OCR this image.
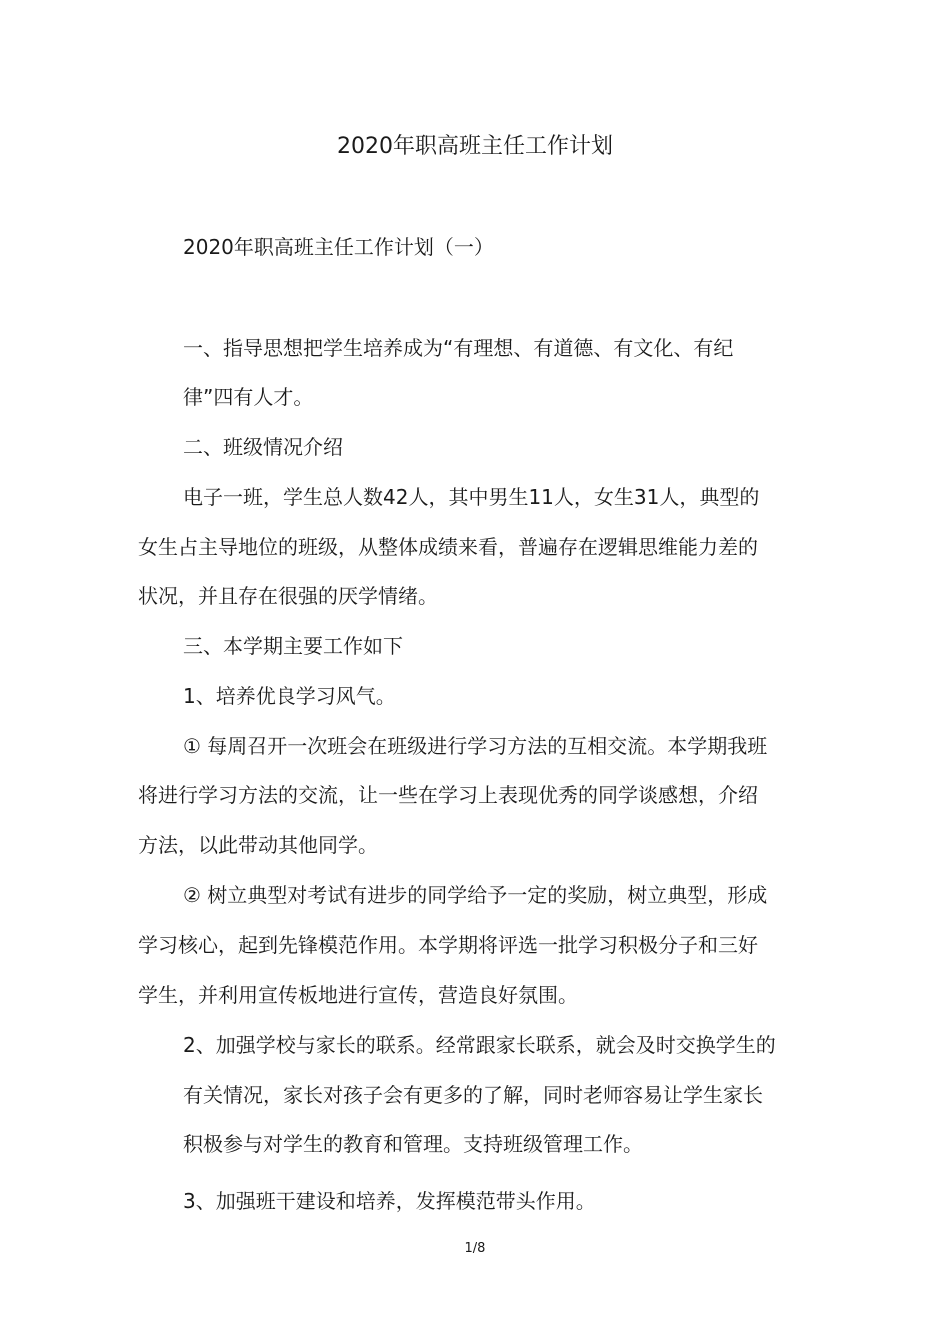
2020年职高班主任工作计划
2020年职高班主任工作计划（一）
一、指导思想把学生培养成为“有理想、有道德、有文化、有纪
律”四有人才。
二、班级情况介绍
电子一班，学生总人数42人，其中男生11人，女生31人，典型的
女生占主导地位的班级，从整体成绩来看，普遍存在逻辑思维能力差的
状况，并且存在很强的厌学情绪。
三、本学期主要工作如下
1、培养优良学习风气。
① 每周召开一次班会在班级进行学习方法的互相交流。本学期我班
将进行学习方法的交流，让一些在学习上表现优秀的同学谈感想，介绍
方法，以此带动其他同学。
② 树立典型对考试有进步的同学给予一定的奖励，树立典型，形成
学习核心，起到先锋模范作用。本学期将评选一批学习积极分子和三好
学生，并利用宣传板地进行宣传，营造良好氛围。
2、加强学校与家长的联系。经常跟家长联系，就会及时交换学生的
有关情况，家长对孩子会有更多的了解，同时老师容易让学生家长
积极参与对学生的教育和管理。支持班级管理工作。
3、加强班干建设和培养，发挥模范带头作用。
1/8
